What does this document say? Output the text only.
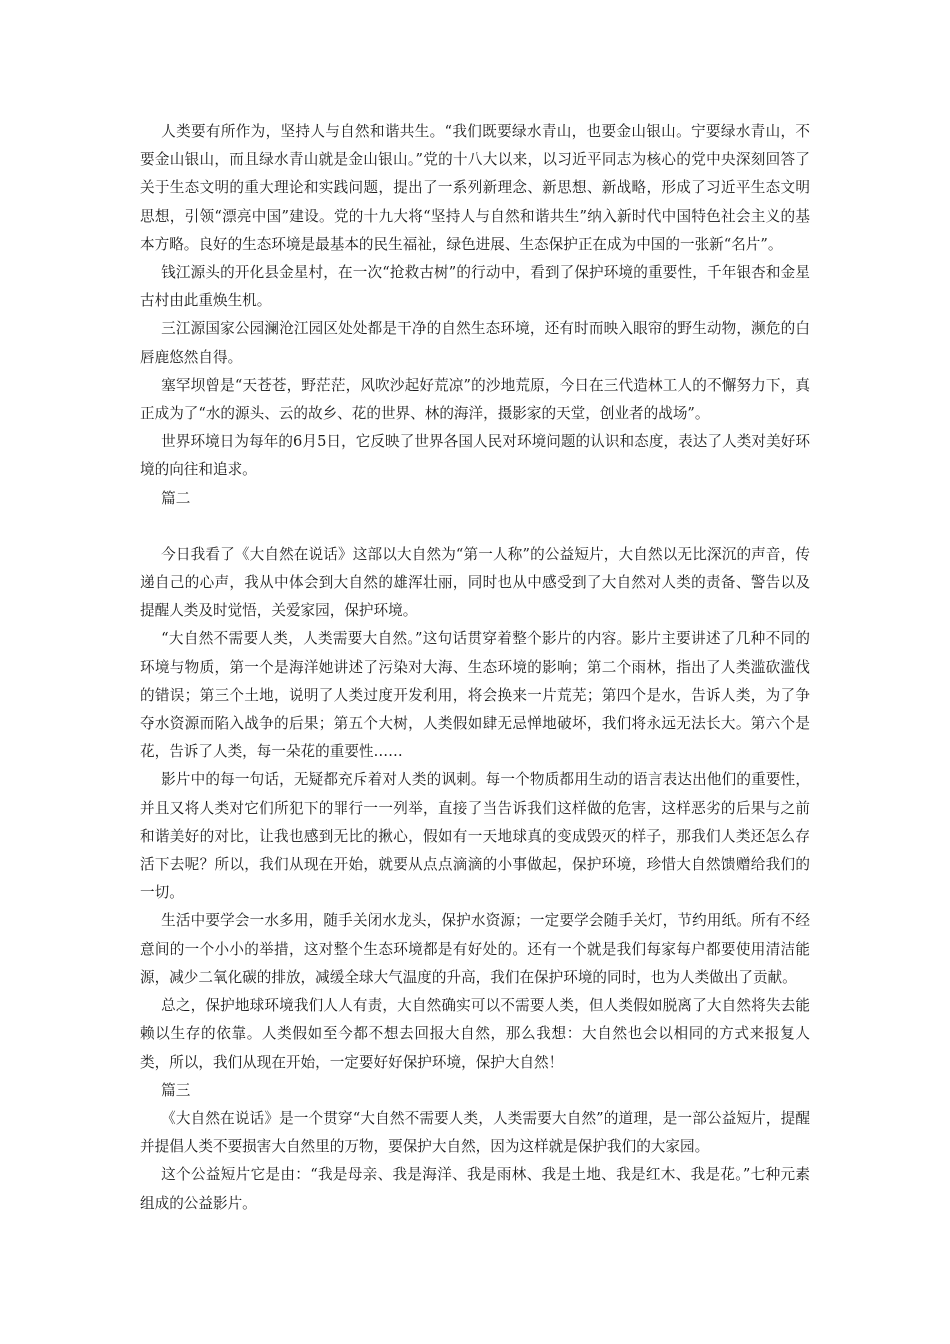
人类要有所作为，坚持人与自然和谐共生。“我们既要绿水青山，也要金山银山。宁要绿水青山，不要金山银山，而且绿水青山就是金山银山。”党的十八大以来，以习近平同志为核心的党中央深刻回答了关于生态文明的重大理论和实践问题，提出了一系列新理念、新思想、新战略，形成了习近平生态文明思想，引领“漂亮中国”建设。党的十九大将“坚持人与自然和谐共生”纳入新时代中国特色社会主义的基本方略。良好的生态环境是最基本的民生福祉，绿色进展、生态保护正在成为中国的一张新“名片”。

钱江源头的开化县金星村，在一次“抢救古树”的行动中，看到了保护环境的重要性，千年银杏和金星古村由此重焕生机。

三江源国家公园澜沧江园区处处都是干净的自然生态环境，还有时而映入眼帘的野生动物，濒危的白唇鹿悠然自得。

塞罕坝曾是“天苍苍，野茫茫，风吹沙起好荒凉”的沙地荒原，今日在三代造林工人的不懈努力下，真正成为了“水的源头、云的故乡、花的世界、林的海洋，摄影家的天堂，创业者的战场”。

世界环境日为每年的6月5日，它反映了世界各国人民对环境问题的认识和态度，表达了人类对美好环境的向往和追求。

篇二

今日我看了《大自然在说话》这部以大自然为“第一人称”的公益短片，大自然以无比深沉的声音，传递自己的心声，我从中体会到大自然的雄浑壮丽，同时也从中感受到了大自然对人类的责备、警告以及提醒人类及时觉悟，关爱家园，保护环境。

“大自然不需要人类，人类需要大自然。”这句话贯穿着整个影片的内容。影片主要讲述了几种不同的环境与物质，第一个是海洋她讲述了污染对大海、生态环境的影响；第二个雨林，指出了人类滥砍滥伐的错误；第三个土地，说明了人类过度开发利用，将会换来一片荒芜；第四个是水，告诉人类，为了争夺水资源而陷入战争的后果；第五个大树，人类假如肆无忌惮地破坏，我们将永远无法长大。第六个是花，告诉了人类，每一朵花的重要性……

影片中的每一句话，无疑都充斥着对人类的讽刺。每一个物质都用生动的语言表达出他们的重要性，并且又将人类对它们所犯下的罪行一一列举，直接了当告诉我们这样做的危害，这样恶劣的后果与之前和谐美好的对比，让我也感到无比的揪心，假如有一天地球真的变成毁灭的样子，那我们人类还怎么存活下去呢？所以，我们从现在开始，就要从点点滴滴的小事做起，保护环境，珍惜大自然馈赠给我们的一切。

生活中要学会一水多用，随手关闭水龙头，保护水资源；一定要学会随手关灯，节约用纸。所有不经意间的一个小小的举措，这对整个生态环境都是有好处的。还有一个就是我们每家每户都要使用清洁能源，减少二氧化碳的排放，减缓全球大气温度的升高，我们在保护环境的同时，也为人类做出了贡献。

总之，保护地球环境我们人人有责，大自然确实可以不需要人类，但人类假如脱离了大自然将失去能赖以生存的依靠。人类假如至今都不想去回报大自然，那么我想：大自然也会以相同的方式来报复人类，所以，我们从现在开始，一定要好好保护环境，保护大自然！

篇三

《大自然在说话》是一个贯穿“大自然不需要人类，人类需要大自然”的道理，是一部公益短片，提醒并提倡人类不要损害大自然里的万物，要保护大自然，因为这样就是保护我们的大家园。

这个公益短片它是由：“我是母亲、我是海洋、我是雨林、我是土地、我是红木、我是花。”七种元素组成的公益影片。
